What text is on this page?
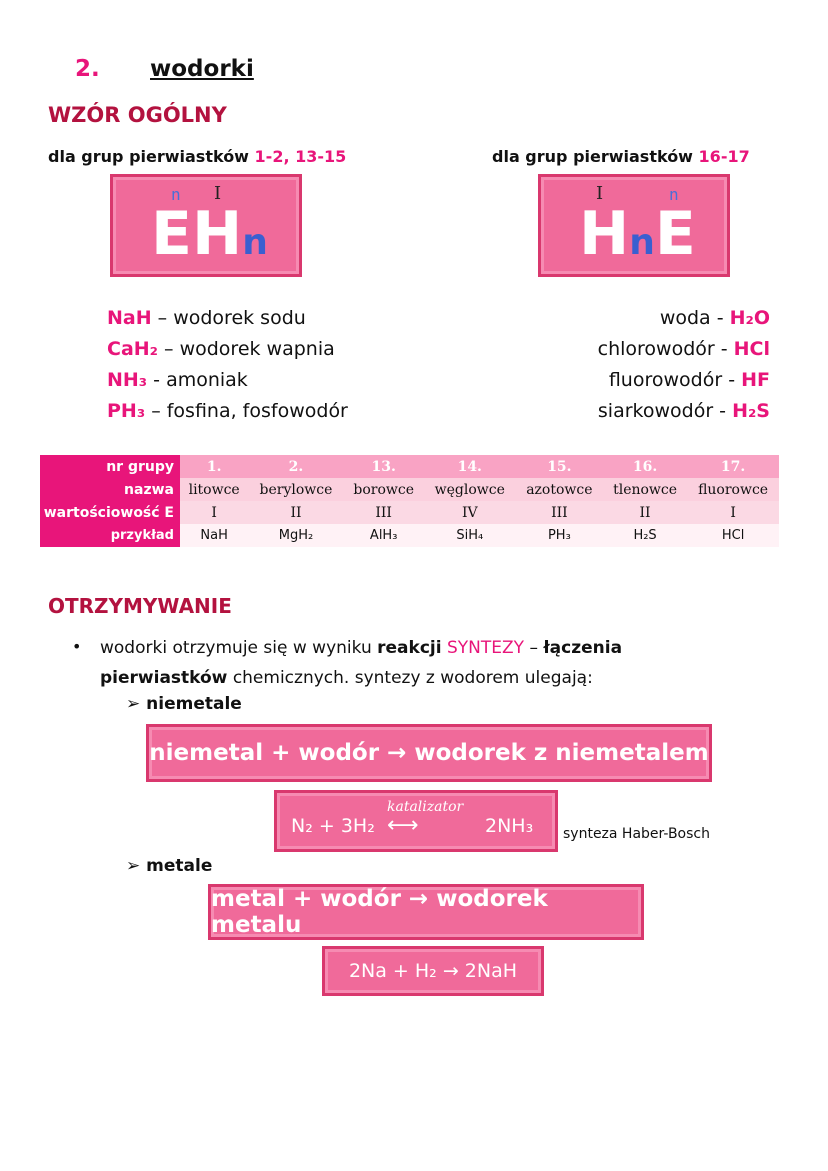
2. wodorki
WZÓR OGÓLNY
dla grup pierwiastków 1-2, 13-15	dla grup pierwiastków 16-17
n I
EHn
I	n
HnE
NaH – wodorek sodu
CaH₂ – wodorek wapnia
NH₃ - amoniak
PH₃ – fosfina, fosfowodór
woda - H₂O
chlorowodór - HCl
fluorowodór - HF
siarkowodór - H₂S
nr grupy	1.	2.	13.	14.	15.	16.	17.
nazwa	litowce	berylowce	borowce	węglowce	azotowce	tlenowce	fluorowce
wartościowość E	I	II	III	IV	III	II	I
przykład	NaH	MgH₂	AlH₃	SiH₄	PH₃	H₂S	HCl
OTRZYMYWANIE
• wodorki otrzymuje się w wyniku reakcji SYNTEZY – łączenia
pierwiastków chemicznych. syntezy z wodorem ulegają:
➢ niemetale
niemetal + wodór → wodorek z niemetalem
N₂ + 3H₂
katalizator
⟷	2NH₃ synteza Haber-Bosch
➢ metale
metal + wodór → wodorek metalu
2Na + H₂ → 2NaH
